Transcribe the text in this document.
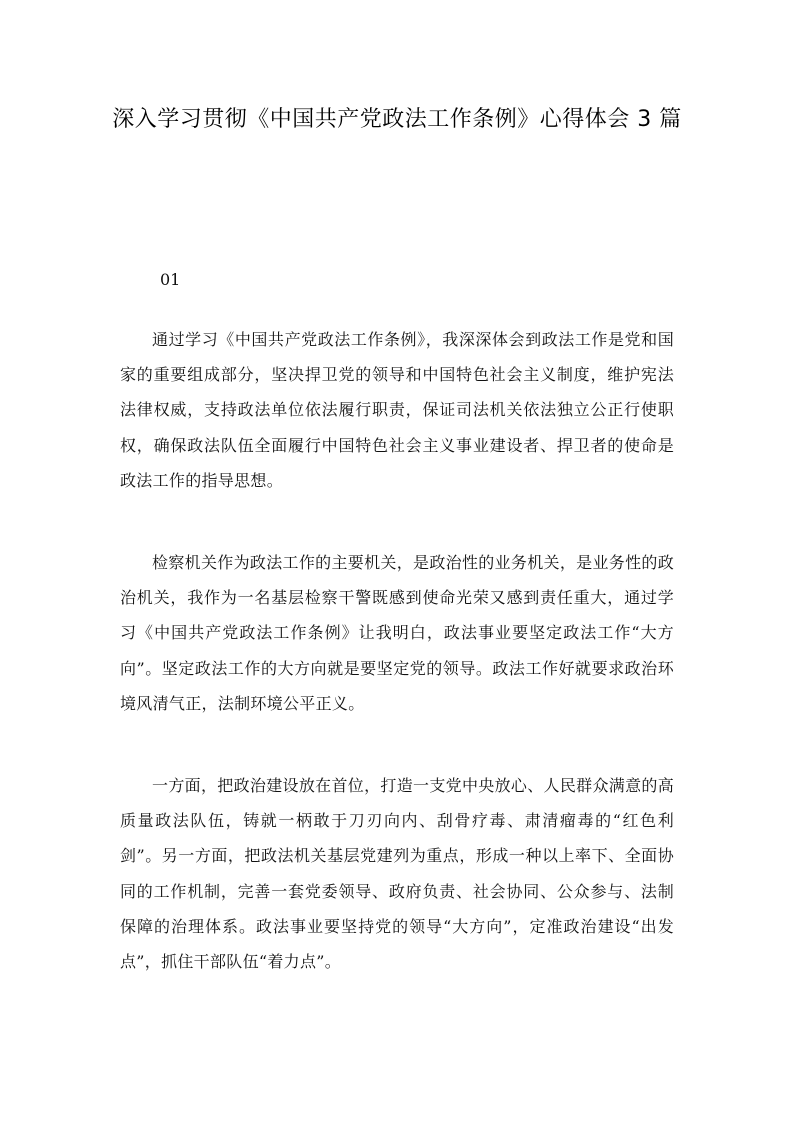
深入学习贯彻《中国共产党政法工作条例》心得体会 3 篇
01

通过学习《中国共产党政法工作条例》，我深深体会到政法工作是党和国家的重要组成部分，坚决捍卫党的领导和中国特色社会主义制度，维护宪法法律权威，支持政法单位依法履行职责，保证司法机关依法独立公正行使职权，确保政法队伍全面履行中国特色社会主义事业建设者、捍卫者的使命是政法工作的指导思想。

检察机关作为政法工作的主要机关，是政治性的业务机关，是业务性的政治机关，我作为一名基层检察干警既感到使命光荣又感到责任重大，通过学习《中国共产党政法工作条例》让我明白，政法事业要坚定政法工作“大方向”。坚定政法工作的大方向就是要坚定党的领导。政法工作好就要求政治环境风清气正，法制环境公平正义。

一方面，把政治建设放在首位，打造一支党中央放心、人民群众满意的高质量政法队伍，铸就一柄敢于刀刃向内、刮骨疗毒、肃清瘤毒的“红色利剑”。另一方面，把政法机关基层党建列为重点，形成一种以上率下、全面协同的工作机制，完善一套党委领导、政府负责、社会协同、公众参与、法制保障的治理体系。政法事业要坚持党的领导“大方向”，定准政治建设“出发点”，抓住干部队伍“着力点”。
